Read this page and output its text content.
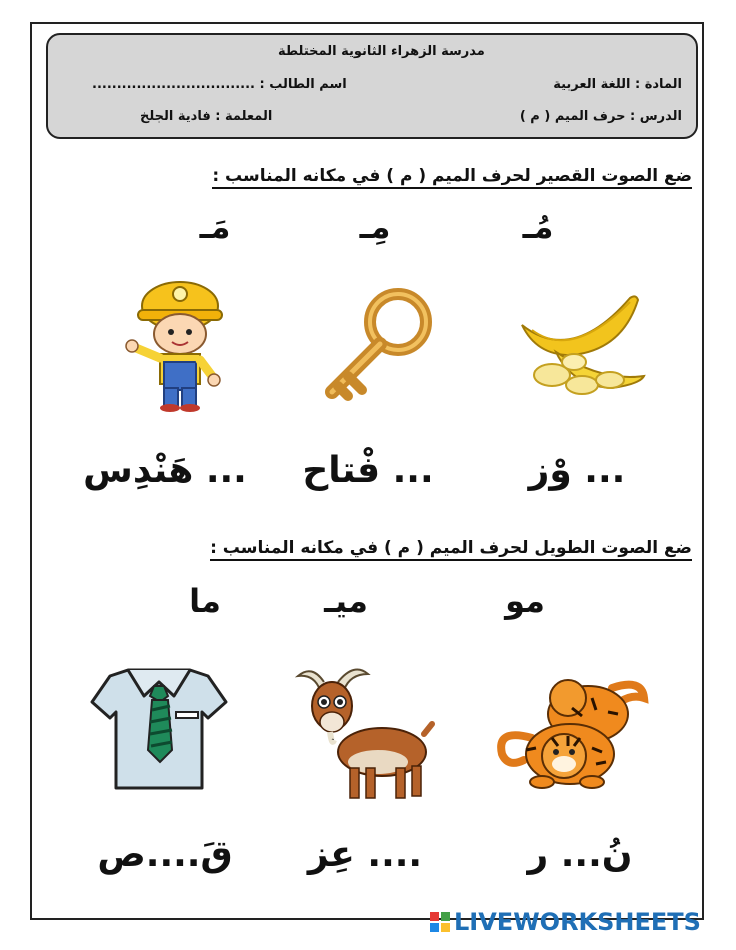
مدرسة الزهراء الثانوية المختلطة
المادة : اللغة العربية
اسم الطالب : .................................
الدرس : حرف الميم ( م )
المعلمة : فادية الجلخ
ضع الصوت القصير لحرف الميم ( م ) في مكانه المناسب :
مُـ
مِـ
مَـ
... وْز
... فْتاح
... هَنْدِس
ضع الصوت الطويل لحرف الميم ( م ) في مكانه المناسب :
مو
ميـ
ما
نُ... ر
.... عِز
قَ....ص
LIVEWORKSHEETS
